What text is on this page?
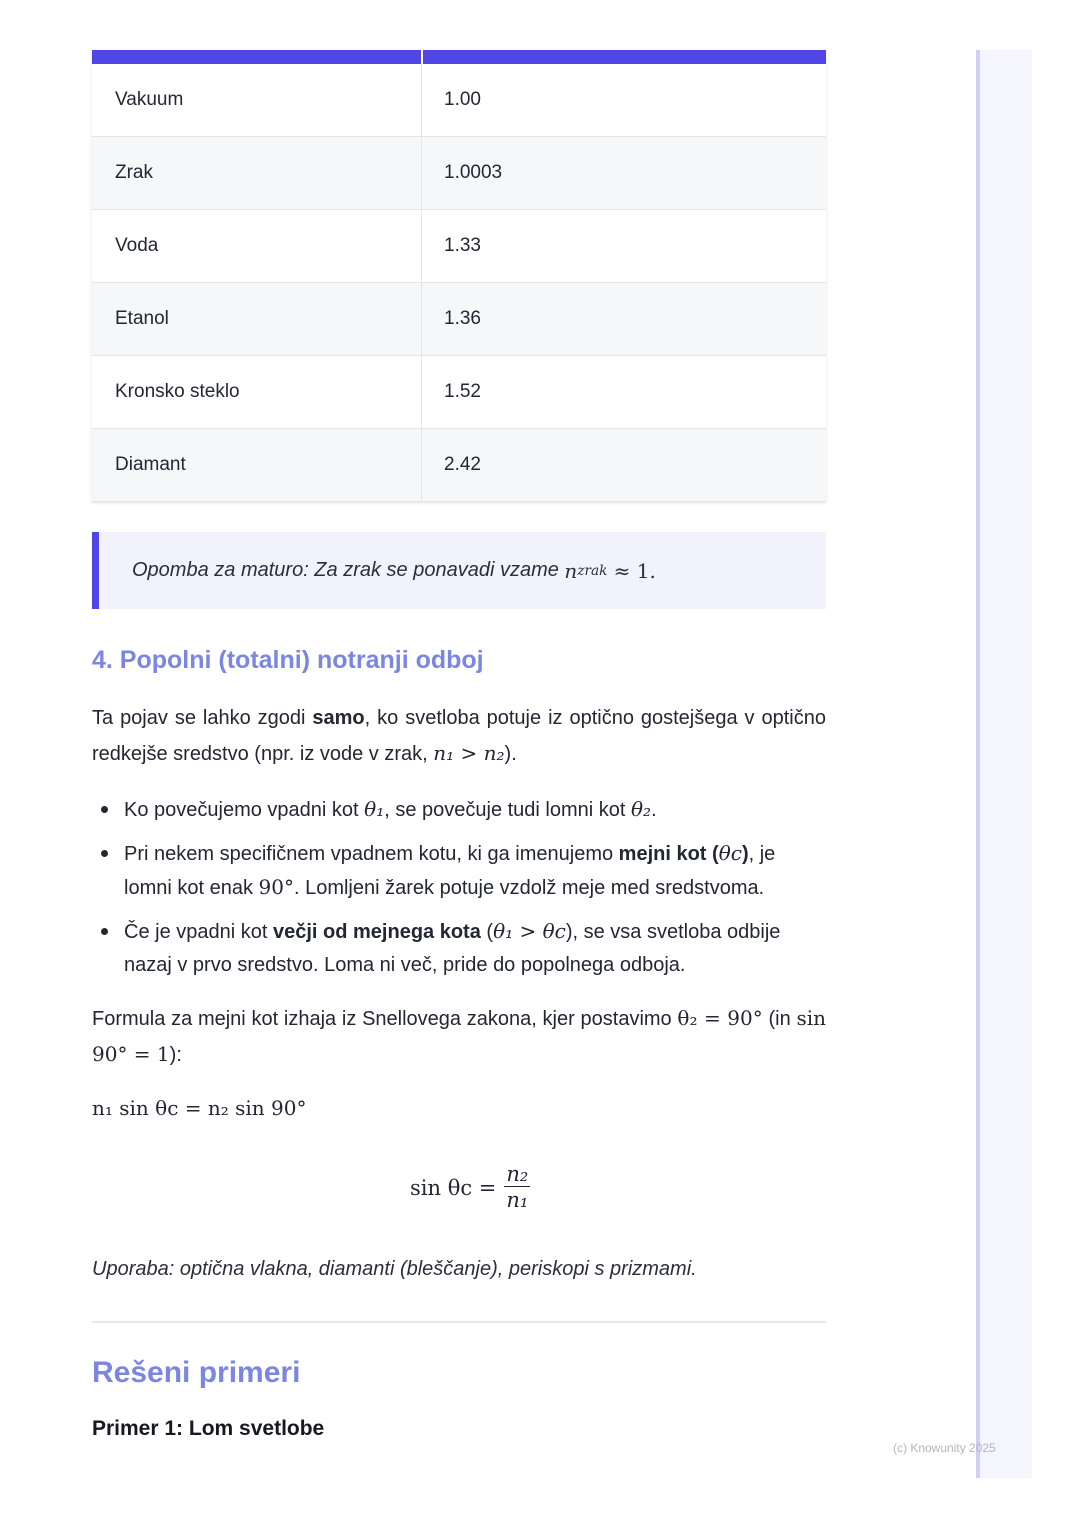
Vakuum	1.00
Zrak	1.0003
Voda	1.33
Etanol	1.36
Kronsko steklo	1.52
Diamant	2.42
Opomba za maturo: Za zrak se ponavadi vzame n zrak ≈ 1.
4. Popolni (totalni) notranji odboj

Ta pojav se lahko zgodi samo, ko svetloba potuje iz optično gostejšega v optično redkejše sredstvo (npr. iz vode v zrak, n₁ > n₂).

Ko povečujemo vpadni kot θ₁, se povečuje tudi lomni kot θ₂.
Pri nekem specifičnem vpadnem kotu, ki ga imenujemo mejni kot (θc), je lomni kot enak 90°. Lomljeni žarek potuje vzdolž meje med sredstvoma.
Če je vpadni kot večji od mejnega kota (θ₁ > θc), se vsa svetloba odbije nazaj v prvo sredstvo. Loma ni več, pride do popolnega odboja.

Formula za mejni kot izhaja iz Snellovega zakona, kjer postavimo θ₂ = 90° (in sin 90° = 1):

n₁ sin θc = n₂ sin 90°
$\sin \theta c = \frac{\text{n₂}}{\text{n₁}}$
Uporaba: optična vlakna, diamanti (bleščanje), periskopi s prizmami.
Rešeni primeri
Primer 1: Lom svetlobe
(c) Knowunity 2025
